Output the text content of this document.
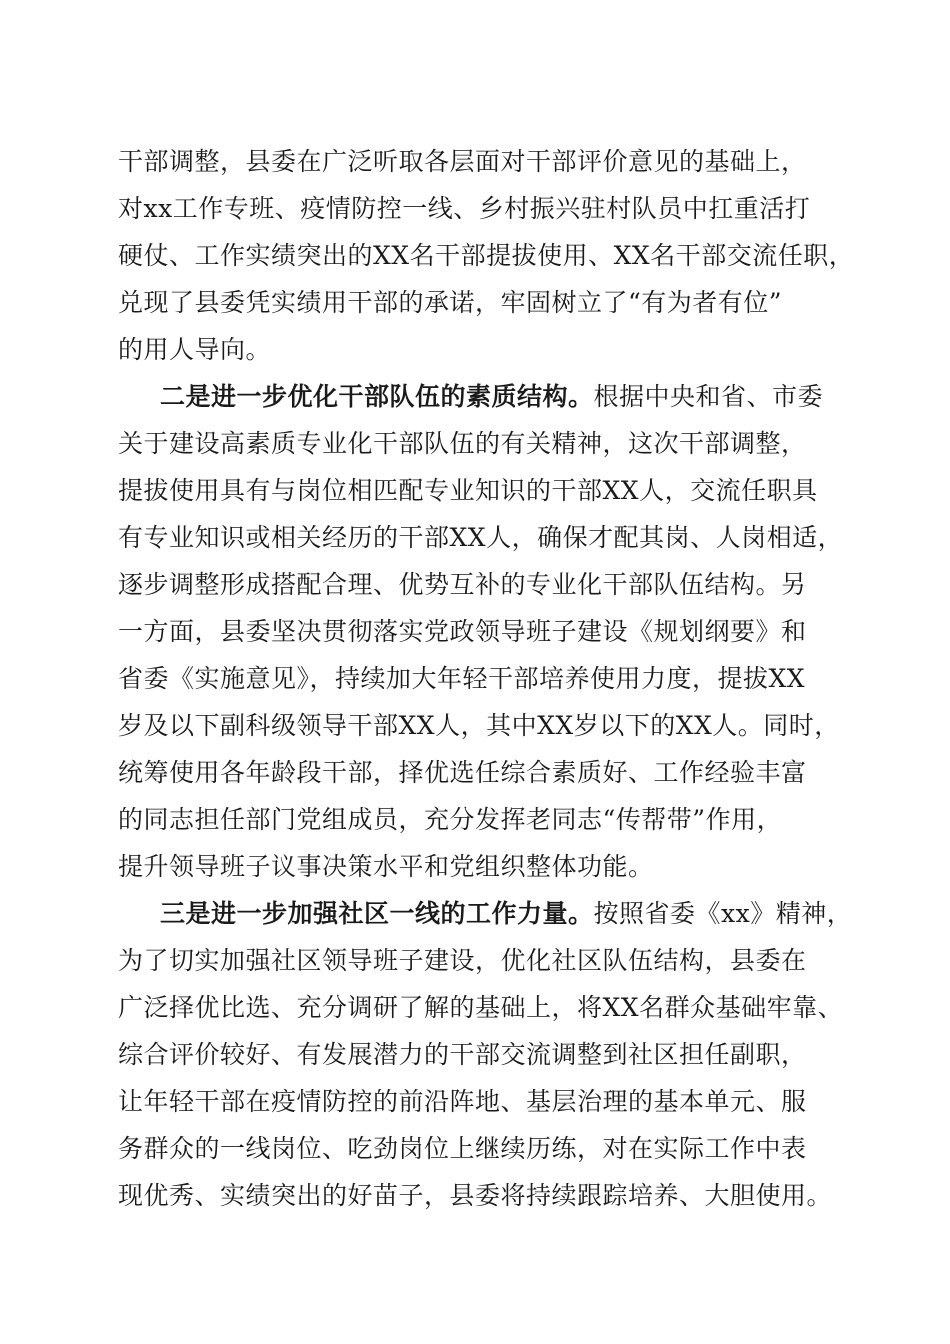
干部调整，县委在广泛听取各层面对干部评价意见的基础上，
对xx工作专班、疫情防控一线、乡村振兴驻村队员中扛重活打
硬仗、工作实绩突出的XX名干部提拔使用、XX名干部交流任职，
兑现了县委凭实绩用干部的承诺，牢固树立了“有为者有位”
的用人导向。
二是进一步优化干部队伍的素质结构。根据中央和省、市委
关于建设高素质专业化干部队伍的有关精神，这次干部调整，
提拔使用具有与岗位相匹配专业知识的干部XX人，交流任职具
有专业知识或相关经历的干部XX人，确保才配其岗、人岗相适，
逐步调整形成搭配合理、优势互补的专业化干部队伍结构。另
一方面，县委坚决贯彻落实党政领导班子建设《规划纲要》和
省委《实施意见》，持续加大年轻干部培养使用力度，提拔XX
岁及以下副科级领导干部XX人，其中XX岁以下的XX人。同时，
统筹使用各年龄段干部，择优选任综合素质好、工作经验丰富
的同志担任部门党组成员，充分发挥老同志“传帮带”作用，
提升领导班子议事决策水平和党组织整体功能。
三是进一步加强社区一线的工作力量。按照省委《xx》精神，
为了切实加强社区领导班子建设，优化社区队伍结构，县委在
广泛择优比选、充分调研了解的基础上，将XX名群众基础牢靠、
综合评价较好、有发展潜力的干部交流调整到社区担任副职，
让年轻干部在疫情防控的前沿阵地、基层治理的基本单元、服
务群众的一线岗位、吃劲岗位上继续历练，对在实际工作中表
现优秀、实绩突出的好苗子，县委将持续跟踪培养、大胆使用。
